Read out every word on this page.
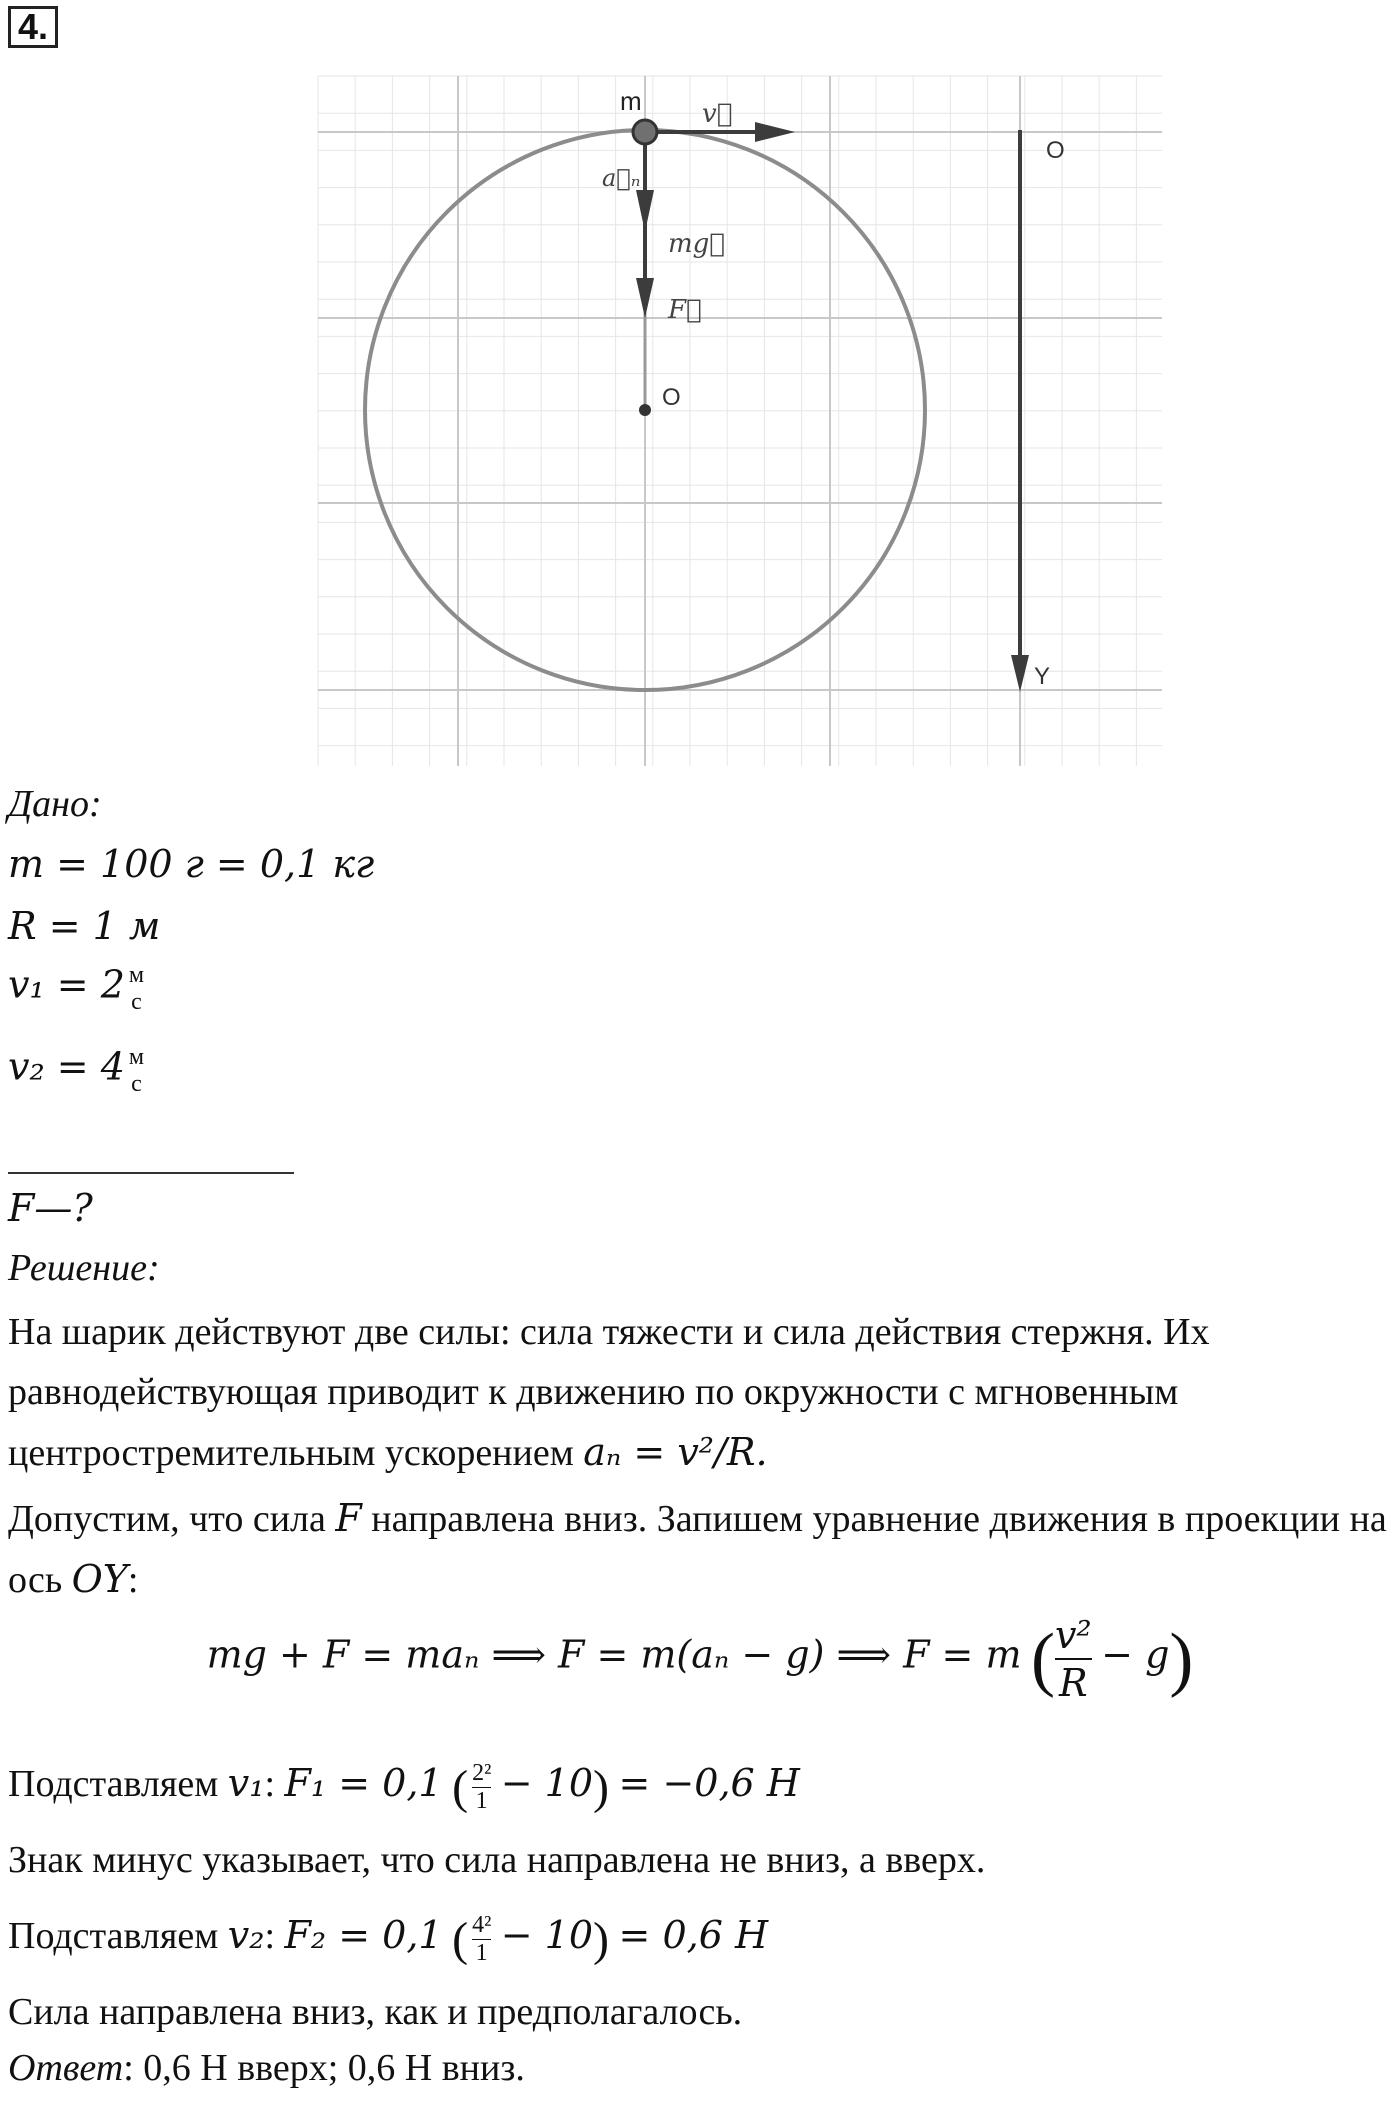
4.
m v⃗
a⃗ₙ
mg⃗
F⃗
O
O
Y
Дано:
m = 100 г = 0,1 кг
R = 1 м
v₁ = 2 м
с
v₂ = 4 м
с
F—?
Решение:
На шарик действуют две силы: сила тяжести и сила действия стержня. Их равнодействующая приводит к движению по окружности с мгновенным центростремительным ускорением aₙ = v²/R.
Допустим, что сила F направлена вниз. Запишем уравнение движения в проекции на ось OY:
mg + F = maₙ ⟹ F = m(aₙ − g) ⟹ F = m ( $\frac{\text{v²}}{R} - g$)
Подставляем v₁: F₁ = 0,1 ( $\frac{\text{2²}}{1} - 10) = -0,6$ Н
Знак минус указывает, что сила направлена не вниз, а вверх.
Подставляем v₂: F₂ = 0,1 ( $\frac{\text{4²}}{1} - 10) = 0,6$ Н
Сила направлена вниз, как и предполагалось.
Ответ: 0,6 Н вверх; 0,6 Н вниз.
